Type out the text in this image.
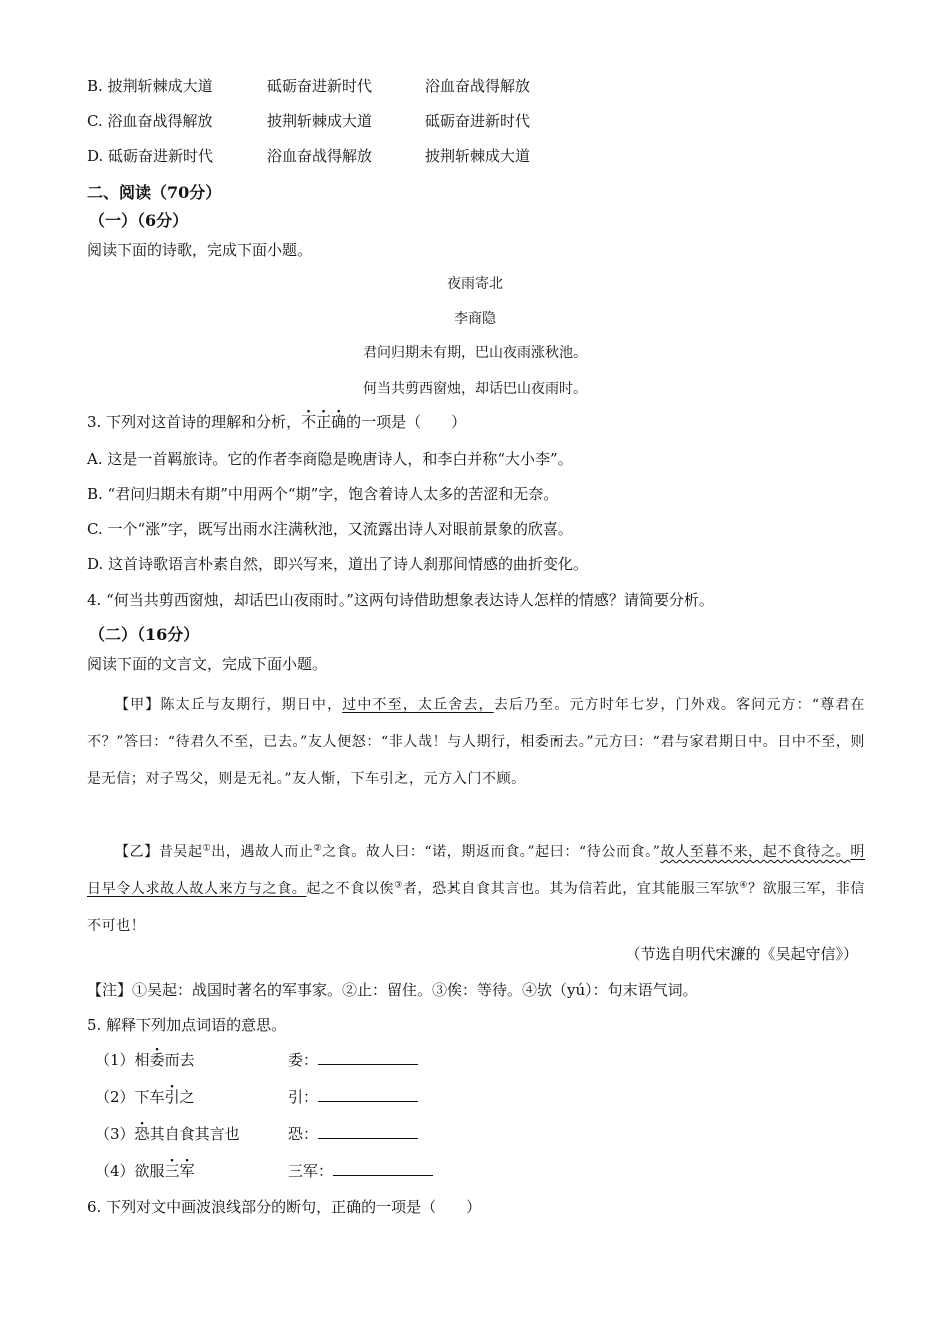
B. 披荆斩棘成大道	砥砺奋进新时代	浴血奋战得解放
C. 浴血奋战得解放	披荆斩棘成大道	砥砺奋进新时代
D. 砥砺奋进新时代	浴血奋战得解放	披荆斩棘成大道
二、阅读（70分）
（一）（6分）
阅读下面的诗歌，完成下面小题。
夜雨寄北
李商隐
君问归期未有期，巴山夜雨涨秋池。
何当共剪西窗烛，却话巴山夜雨时。
3. 下列对这首诗的理解和分析，不正确的一项是（　　）
A. 这是一首羁旅诗。它的作者李商隐是晚唐诗人，和李白并称“大小李”。
B. “君问归期未有期”中用两个“期”字，饱含着诗人太多的苦涩和无奈。
C. 一个“涨”字，既写出雨水注满秋池，又流露出诗人对眼前景象的欣喜。
D. 这首诗歌语言朴素自然，即兴写来，道出了诗人刹那间情感的曲折变化。
4. “何当共剪西窗烛，却话巴山夜雨时。”这两句诗借助想象表达诗人怎样的情感？请简要分析。
（二）（16分）
阅读下面的文言文，完成下面小题。
【甲】陈太丘与友期行，期日中，过中不至，太丘舍去，去后乃至。元方时年七岁，门外戏。客问元方：“尊君在不？”答曰：“待君久不至，已去。”友人便怒：“非人哉！与人期行，相· 委而去。”元方曰：“君与家君期日中。日中不至，则是无信；对子骂父，则是无礼。”友人惭，下车· 引之，元方入门不顾。
【乙】昔吴起①出，遇故人而止②之食。故人曰：“诺，期返而食。”起曰：“待公而食。”故人至暮不来，起不食待之。明日早令人求故人故人来方与之食。起之不食以俟③者，· 恐其自食其言也。其为信若此，宜其能服三军欤④？欲服三军，非信不可也！
（节选自明代宋濂的《吴起守信》）
【注】①吴起：战国时著名的军事家。②止：留住。③俟：等待。④欤（yú）：句末语气词。
5. 解释下列加点词语的意思。
（1）相委而去	委：
（2）下车引之	引：
（3）恐其自食其言也	恐：
（4）欲服三军	三军：
6. 下列对文中画波浪线部分的断句，正确的一项是（　　）
